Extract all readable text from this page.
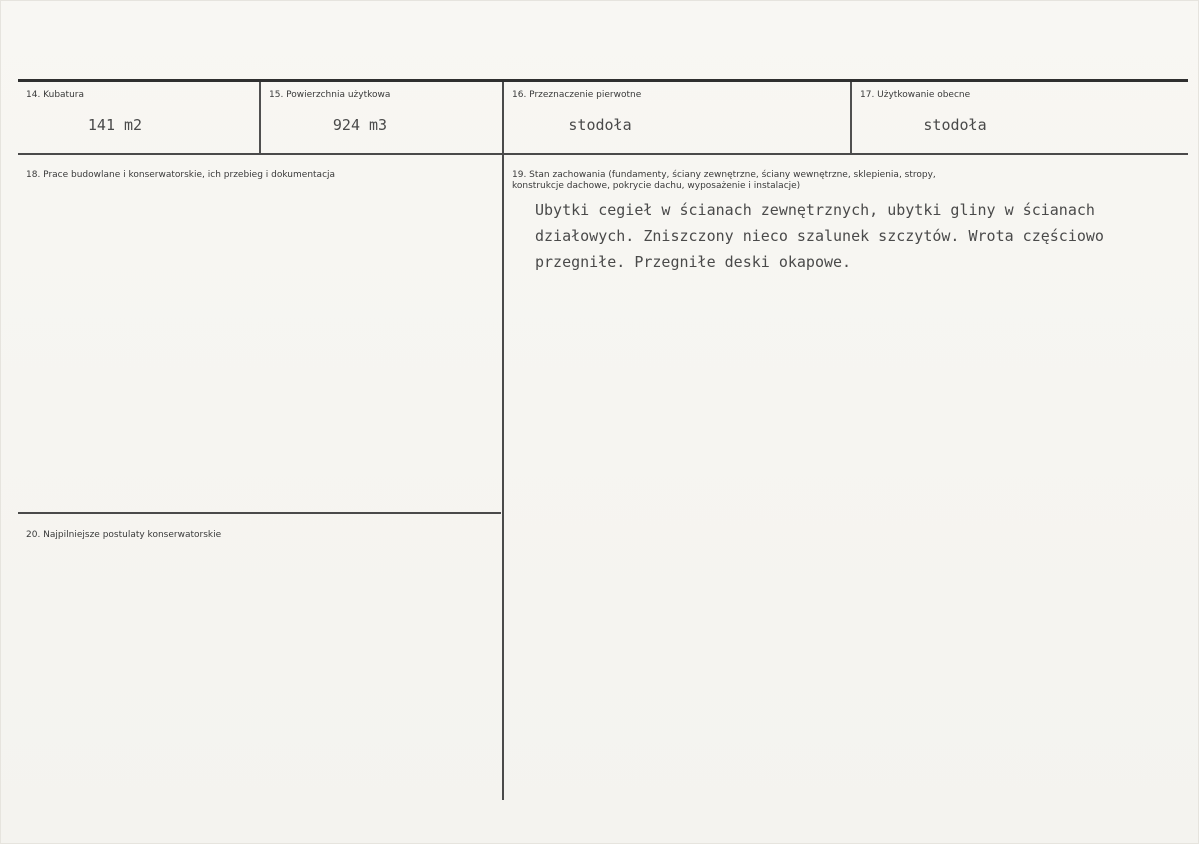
14. Kubatura
141 m2
15. Powierzchnia użytkowa
924 m3
16. Przeznaczenie pierwotne
stodoła
17. Użytkowanie obecne
stodoła
18. Prace budowlane i konserwatorskie, ich przebieg i dokumentacja	19. Stan zachowania (fundamenty, ściany zewnętrzne, ściany wewnętrzne, sklepienia, stropy,
konstrukcje dachowe, pokrycie dachu, wyposażenie i instalacje)
Ubytki cegieł w ścianach zewnętrznych, ubytki gliny w ścianach
działowych. Zniszczony nieco szalunek szczytów. Wrota częściowo
przegniłe. Przegniłe deski okapowe.
20. Najpilniejsze postulaty konserwatorskie
